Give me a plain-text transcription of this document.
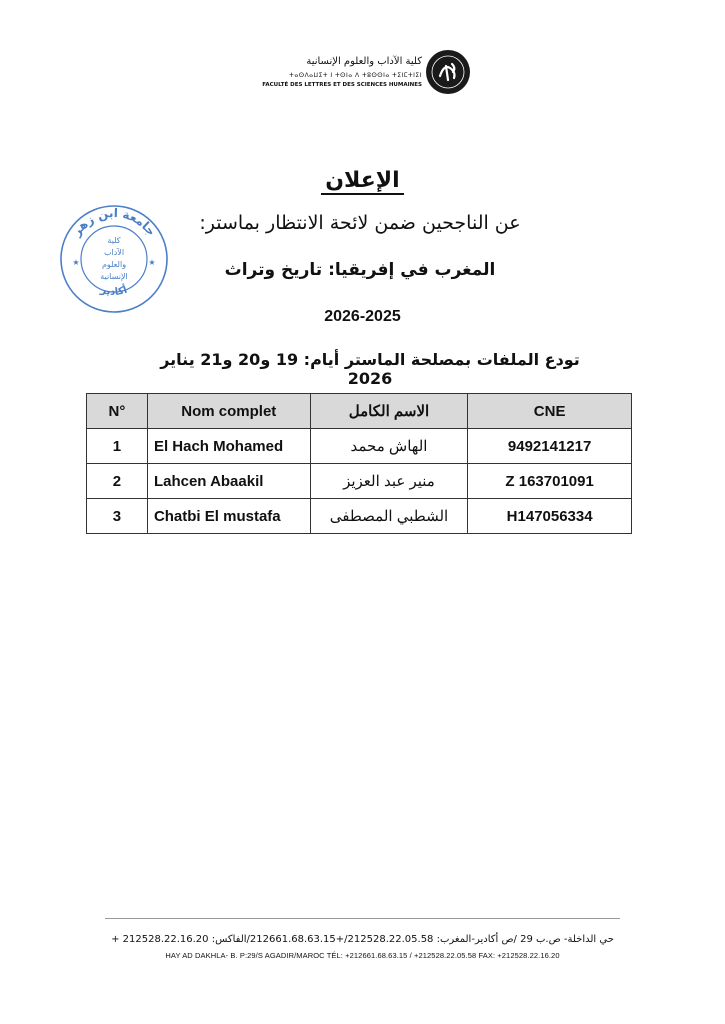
كلية الآداب والعلوم الإنسانية
ⵜⴰⵙⴷⴰⵡⵉⵜ ⵏ ⵜⵙⵏⴰ ⴷ ⵜⵓⵙⵙⵏⴰ ⵜⵉⵏⵎⵜⵏⵉⵏ
FACULTÉ DES LETTRES ET DES SCIENCES HUMAINES
جامعة ابن زهر
أكادير
كلية
الآداب
والعلوم
الإنسانية
★	★
الإعلان
عن الناجحين ضمن لائحة الانتظار بماستر:
المغرب في إفريقيا: تاريخ وتراث
2026-2025
تودع الملفات بمصلحة الماستر أيام: 19 و20 و21 يناير 2026
N°	Nom complet	الاسم الكامل	CNE
1	El Hach Mohamed	الهاش محمد	9492141217
2	Lahcen Abaakil	منير عبد العزيز	Z 163701091
3	Chatbi El mustafa	الشطبي المصطفى	H147056334
حي الداخلة- ص.ب 29 /ص أكادير-المغرب: 212528.22.05.58/+212661.68.63.15/الفاكس: 212528.22.16.20 +
HAY AD DAKHLA- B. P:29/S AGADIR/MAROC TÉL: +212661.68.63.15 / +212528.22.05.58 FAX: +212528.22.16.20
